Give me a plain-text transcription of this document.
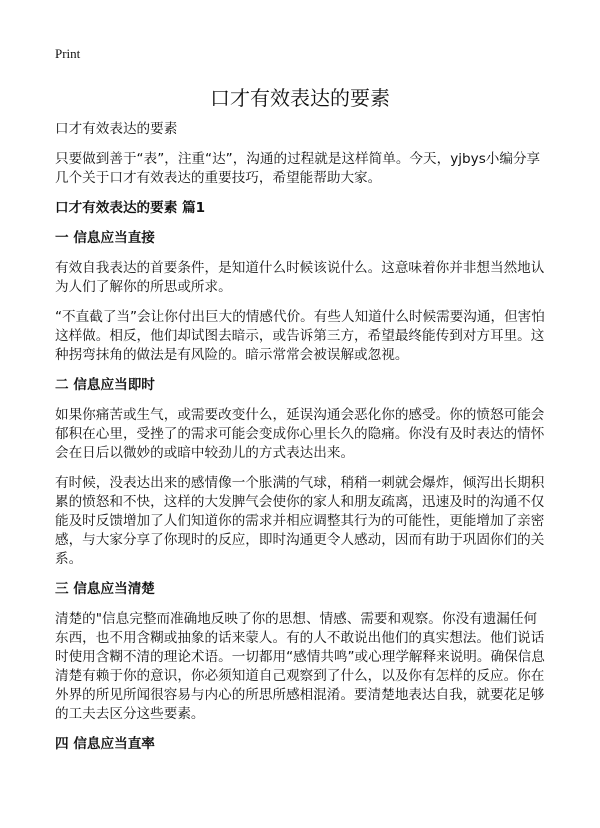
Print
口才有效表达的要素

口才有效表达的要素

只要做到善于“表”，注重“达”，沟通的过程就是这样简单。今天，yjbys小编分享几个关于口才有效表达的重要技巧，希望能帮助大家。

口才有效表达的要素 篇1
一 信息应当直接

有效自我表达的首要条件，是知道什么时候该说什么。这意味着你并非想当然地认为人们了解你的所思或所求。

“不直截了当”会让你付出巨大的情感代价。有些人知道什么时候需要沟通，但害怕这样做。相反，他们却试图去暗示，或告诉第三方，希望最终能传到对方耳里。这种拐弯抹角的做法是有风险的。暗示常常会被误解或忽视。

二 信息应当即时

如果你痛苦或生气，或需要改变什么，延误沟通会恶化你的感受。你的愤怒可能会郁积在心里，受挫了的需求可能会变成你心里长久的隐痛。你没有及时表达的情怀会在日后以微妙的或暗中较劲儿的方式表达出来。

有时候，没表达出来的感情像一个胀满的气球，稍稍一刺就会爆炸，倾泻出长期积累的愤怒和不快，这样的大发脾气会使你的家人和朋友疏离，迅速及时的沟通不仅能及时反馈增加了人们知道你的需求并相应调整其行为的可能性，更能增加了亲密感，与大家分享了你现时的反应，即时沟通更令人感动，因而有助于巩固你们的关系。

三 信息应当清楚

清楚的"信息完整而准确地反映了你的思想、情感、需要和观察。你没有遗漏任何东西，也不用含糊或抽象的话来蒙人。有的人不敢说出他们的真实想法。他们说话时使用含糊不清的理论术语。一切都用“感情共鸣”或心理学解释来说明。确保信息清楚有赖于你的意识，你必须知道自己观察到了什么，以及你有怎样的反应。你在外界的所见所闻很容易与内心的所思所感相混淆。要清楚地表达自我，就要花足够的工夫去区分这些要素。

四 信息应当直率
